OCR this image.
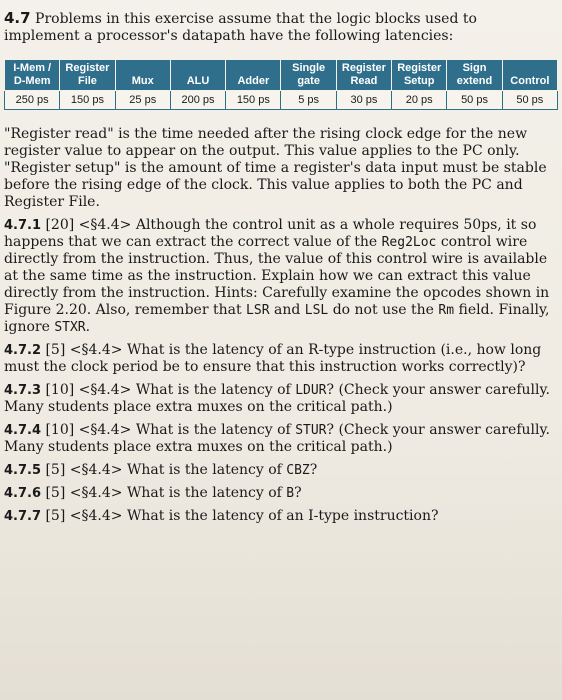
4.7 Problems in this exercise assume that the logic blocks used to implement a processor's datapath have the following latencies:

I-Mem / D-Mem	Register File	Mux	ALU	Adder	Single gate	Register Read	Register Setup	Sign extend	Control
250 ps	150 ps	25 ps	200 ps	150 ps	5 ps	30 ps	20 ps	50 ps	50 ps

"Register read" is the time needed after the rising clock edge for the new register value to appear on the output. This value applies to the PC only. "Register setup" is the amount of time a register's data input must be stable before the rising edge of the clock. This value applies to both the PC and Register File.

4.7.1 [20] <§4.4> Although the control unit as a whole requires 50ps, it so happens that we can extract the correct value of the Reg2Loc control wire directly from the instruction. Thus, the value of this control wire is available at the same time as the instruction. Explain how we can extract this value directly from the instruction. Hints: Carefully examine the opcodes shown in Figure 2.20. Also, remember that LSR and LSL do not use the Rm field. Finally, ignore STXR.

4.7.2 [5] <§4.4> What is the latency of an R-type instruction (i.e., how long must the clock period be to ensure that this instruction works correctly)?

4.7.3 [10] <§4.4> What is the latency of LDUR? (Check your answer carefully. Many students place extra muxes on the critical path.)

4.7.4 [10] <§4.4> What is the latency of STUR? (Check your answer carefully. Many students place extra muxes on the critical path.)

4.7.5 [5] <§4.4> What is the latency of CBZ?

4.7.6 [5] <§4.4> What is the latency of B?

4.7.7 [5] <§4.4> What is the latency of an I-type instruction?
